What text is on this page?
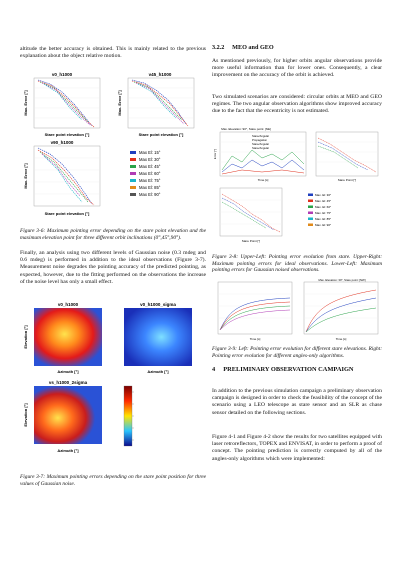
altitude the better accuracy is obtained. This is mainly related to the previous explanation about the object relative motion.

v0_h1000
Stare point elevation [°]
Max. Error [°]
v45_h1000
Stare point elevation [°]
Max. Error [°]
v90_h1000
Stare point elevation [°]
Max. Error [°]
Max El: 15°
Max El: 30°
Max El: 45°
Max El: 60°
Max El: 75°
Max El: 85°
Max El: 90°

Figure 3-6: Maximum pointing error depending on the stare point elevation and the maximum elevation point for three different orbit inclinations (0°,45°,90°).

Finally, an analysis using two different levels of Gaussian noise (0.3 mdeg and 0.6 mdeg) is performed in addition to the ideal observations (Figure 3-7). Measurement noise degrades the pointing accuracy of the predicted pointing, as expected, however, due to the fitting performed on the observations the increase of the noise level has only a small effect.

v0_h1000
Azimuth [°]
Elevation [°]
v0_h1000_sigma
Azimuth [°]
vs_h1000_2sigma
Azimuth [°]
Elevation [°]

Figure 3-7: Maximum pointing errors depending on the stare point position for three values of Gaussian noise.

3.2.2 MEO and GEO

As mentioned previously, for higher orbits angular observations provide more useful information than for lower ones. Consequently, a clear improvement on the accuracy of the orbit is achieved.

Two simulated scenarios are considered: circular orbits at MEO and GEO regimes. The two angular observation algorithms show improved accuracy due to the fact that the eccentricity is not estimated.

Max. Elevation: 90°, Stare point: [NE]
Stare/Angular
Propagation
Stare/Angular
Stare/Angular
Time [s]
Error [°]
Stare Point [°]
Stare Point [°]
Max. El: 30°
Max. El: 45°
Max. El: 60°
Max. El: 75°
Max. El: 85°
Max. El: 90°

Figure 3-8: Upper-Left: Pointing error evolution from stare. Upper-Right: Maximum pointing errors for ideal observations. Lower-Left: Maximum pointing errors for Gaussian noised observations.

Time [s]
Max. Elevation: 30°, Stare point: [NW]
Time [s]

Figure 3-9: Left: Pointing error evolution for different stare elevations. Right: Pointing error evolution for different angles-only algorithms.

4 PRELIMINARY OBSERVATION CAMPAIGN

In addition to the previous simulation campaign a preliminary observation campaign is designed in order to check the feasibility of the concept of the scenario using a LEO telescope as stare sensor and an SLR as chase sensor detailed on the following sections.

Figure 4-1 and Figure 4-2 show the results for two satellites equipped with laser retroreflectors, TOPEX and ENVISAT, in order to perform a proof of concept. The pointing prediction is correctly computed by all of the angles-only algorithms which were implemented:
